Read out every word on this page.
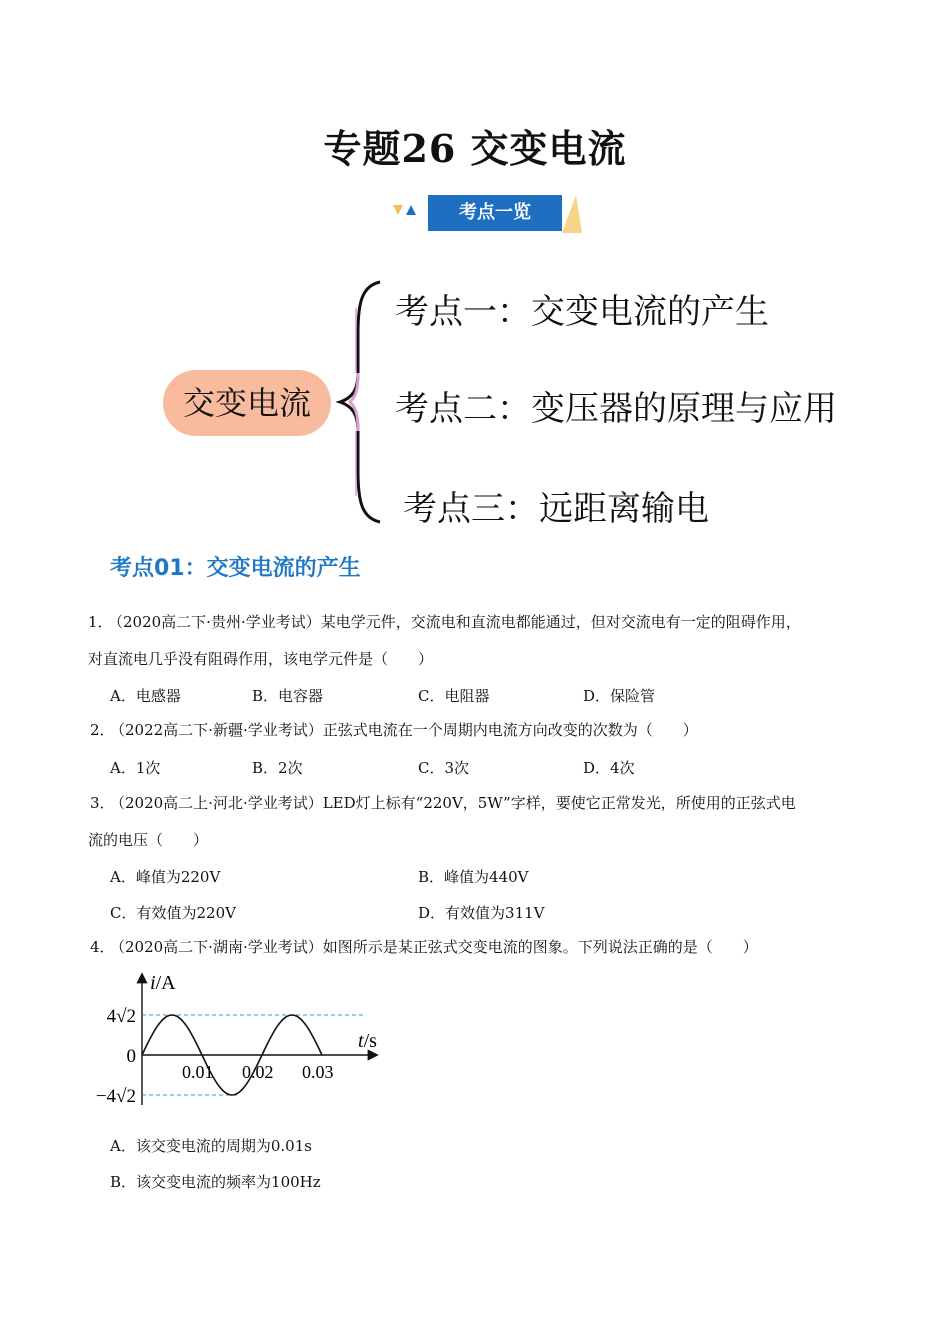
专题26 交变电流
考点一览
交变电流
考点一：交变电流的产生
考点二：变压器的原理与应用
考点三：远距离输电
考点01：交变电流的产生
1．
（2020高二下·贵州·学业考试）某电学元件，交流电和直流电都能通过，但对交流电有一定的阻碍作用，
对直流电几乎没有阻碍作用，该电学元件是（　　）
A．电感器	B．电容器	C．电阻器	D．保险管
2．
（2022高二下·新疆·学业考试）正弦式电流在一个周期内电流方向改变的次数为（　　）
A．1次	B．2次	C．3次	D．4次
3．
（2020高二上·河北·学业考试）LED灯上标有“220V，5W”字样，要使它正常发光，所使用的正弦式电
流的电压（　　）
A．峰值为220V	B．峰值为440V
C．有效值为220V	D．有效值为311V
4．
（2020高二下·湖南·学业考试）如图所示是某正弦式交变电流的图象。下列说法正确的是（　　）
i/A
t/s
0.01 0.02 0.03
4√2
0
−4√2
A．该交变电流的周期为0.01s
B．该交变电流的频率为100Hz
